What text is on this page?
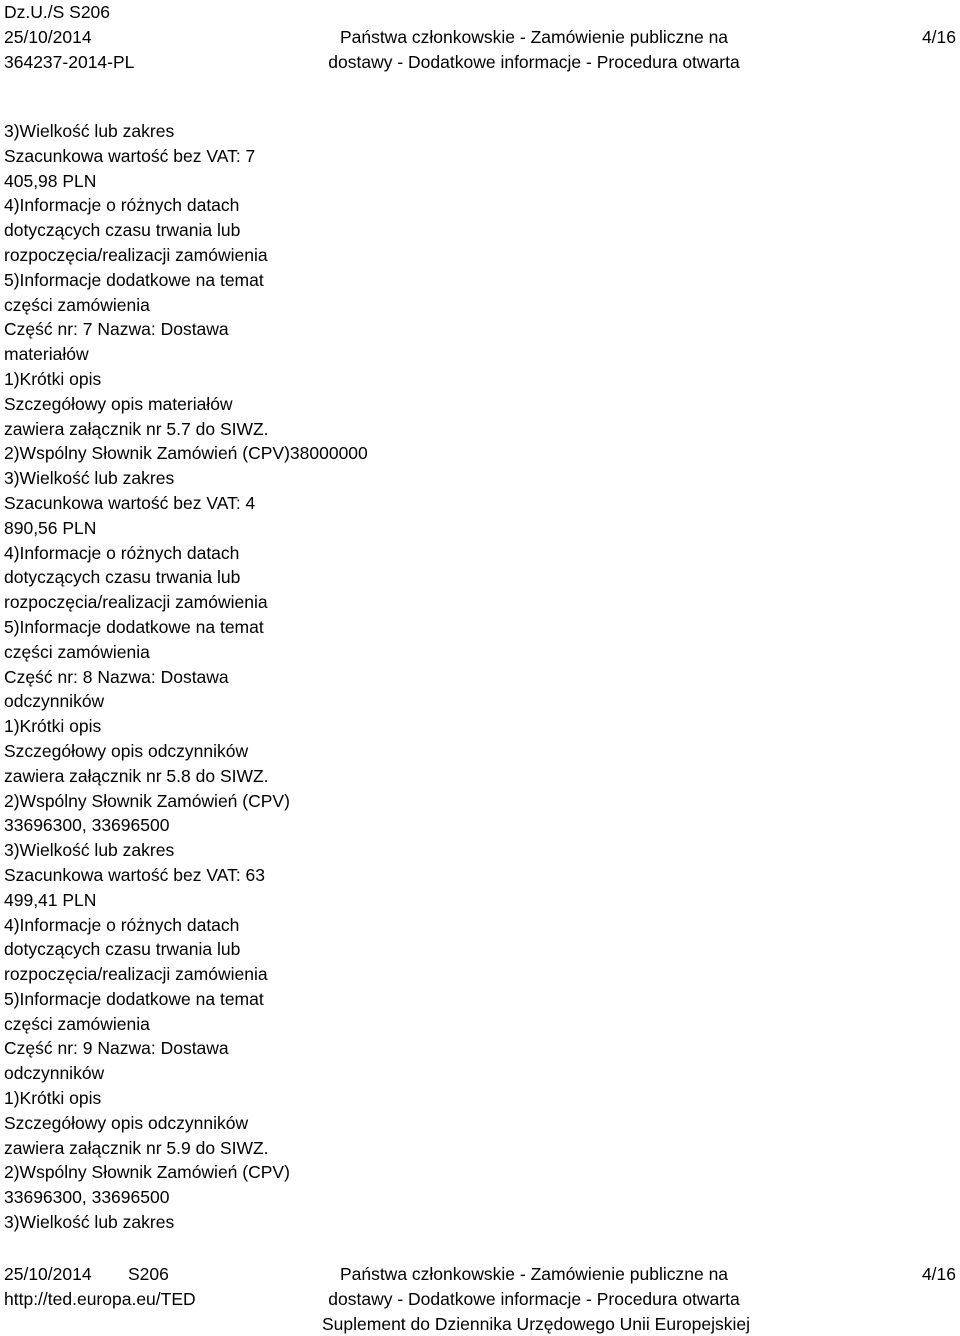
Dz.U./S S206
25/10/2014
364237-2014-PL
Państwa członkowskie - Zamówienie publiczne na
dostawy - Dodatkowe informacje - Procedura otwarta
4/16
3)Wielkość lub zakres
Szacunkowa wartość bez VAT: 7
405,98 PLN
4)Informacje o różnych datach
dotyczących czasu trwania lub
rozpoczęcia/realizacji zamówienia
5)Informacje dodatkowe na temat
części zamówienia
Część nr: 7 Nazwa: Dostawa
materiałów
1)Krótki opis
Szczegółowy opis materiałów
zawiera załącznik nr 5.7 do SIWZ.
2)Wspólny Słownik Zamówień (CPV)38000000
3)Wielkość lub zakres
Szacunkowa wartość bez VAT: 4
890,56 PLN
4)Informacje o różnych datach
dotyczących czasu trwania lub
rozpoczęcia/realizacji zamówienia
5)Informacje dodatkowe na temat
części zamówienia
Część nr: 8 Nazwa: Dostawa
odczynników
1)Krótki opis
Szczegółowy opis odczynników
zawiera załącznik nr 5.8 do SIWZ.
2)Wspólny Słownik Zamówień (CPV)
33696300, 33696500
3)Wielkość lub zakres
Szacunkowa wartość bez VAT: 63
499,41 PLN
4)Informacje o różnych datach
dotyczących czasu trwania lub
rozpoczęcia/realizacji zamówienia
5)Informacje dodatkowe na temat
części zamówienia
Część nr: 9 Nazwa: Dostawa
odczynników
1)Krótki opis
Szczegółowy opis odczynników
zawiera załącznik nr 5.9 do SIWZ.
2)Wspólny Słownik Zamówień (CPV)
33696300, 33696500
3)Wielkość lub zakres
25/10/2014 S206
http://ted.europa.eu/TED
Państwa członkowskie - Zamówienie publiczne na
dostawy - Dodatkowe informacje - Procedura otwarta
Suplement do Dziennika Urzędowego Unii Europejskiej
4/16
